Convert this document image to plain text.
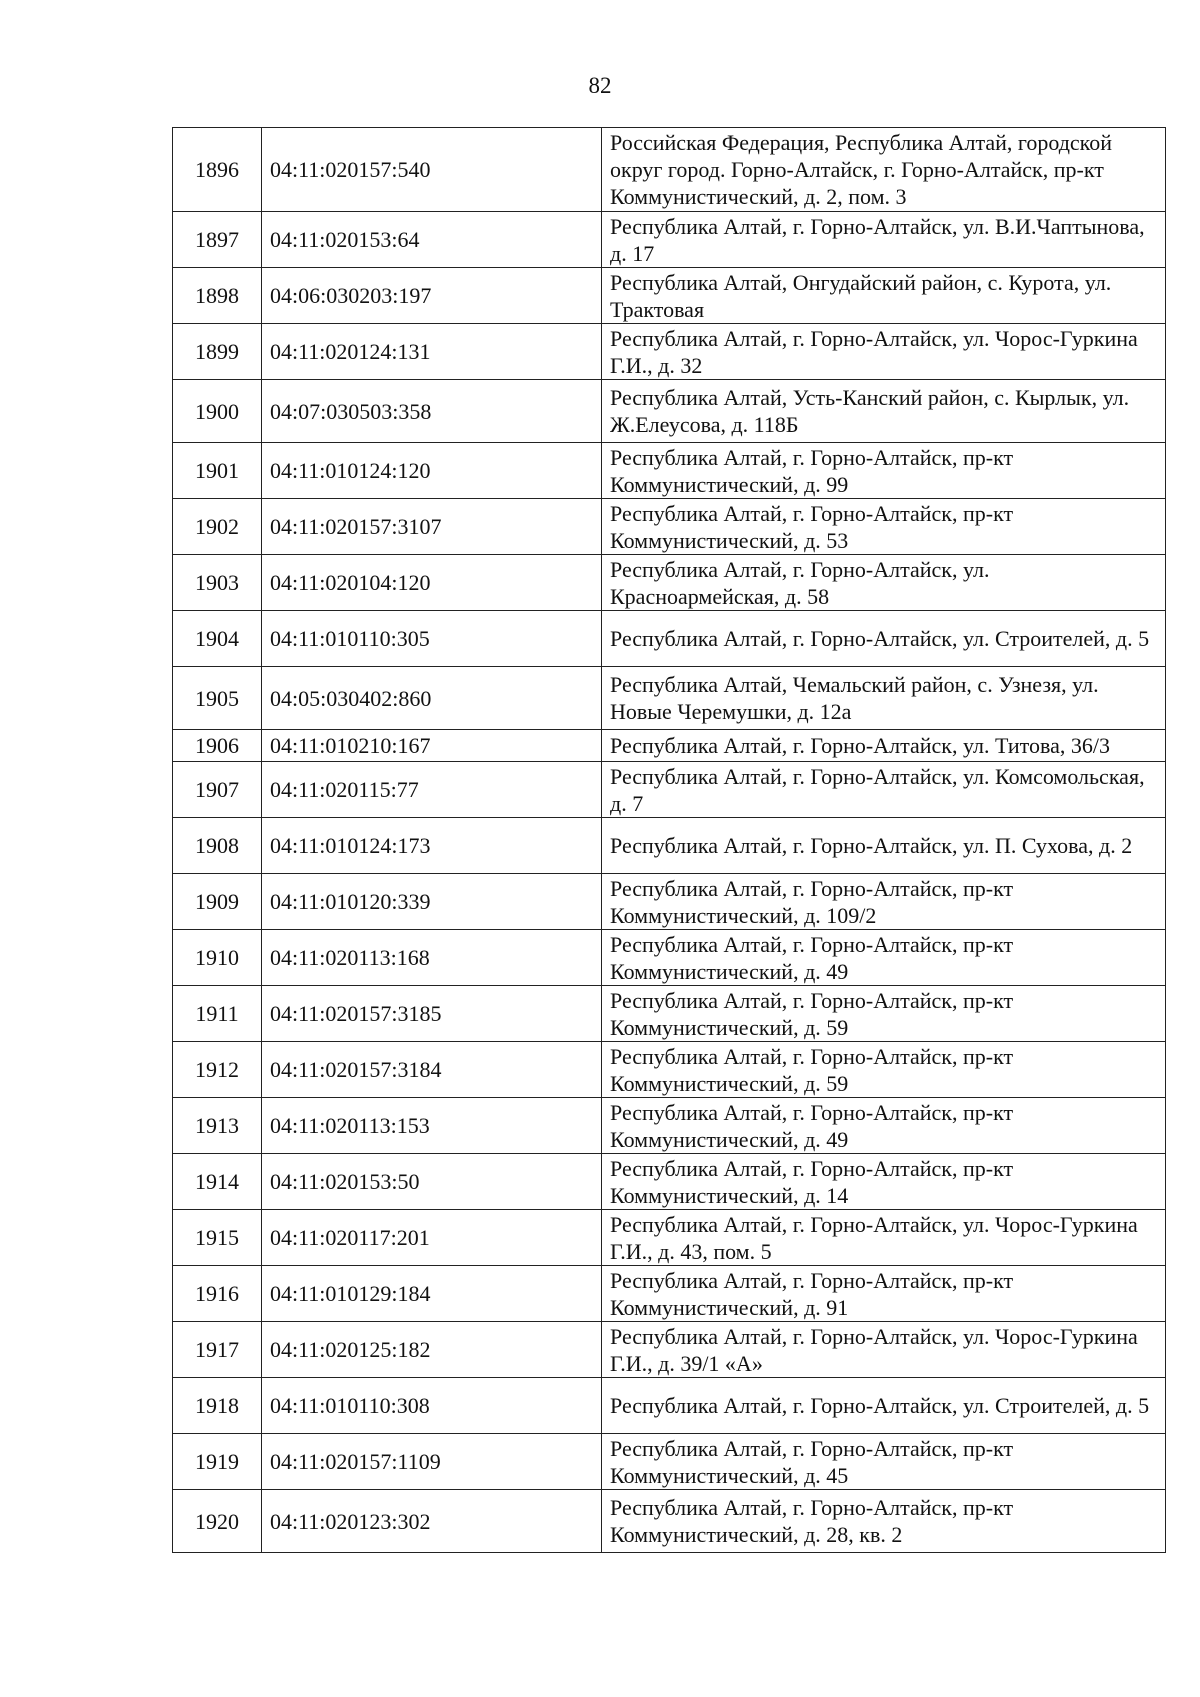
82
1896	04:11:020157:540	Российская Федерация, Республика Алтай, городской округ город. Горно-Алтайск, г. Горно-Алтайск, пр-кт Коммунистический, д. 2, пом. 3
1897	04:11:020153:64	Республика Алтай, г. Горно-Алтайск, ул. В.И.Чаптынова, д. 17
1898	04:06:030203:197	Республика Алтай, Онгудайский район, с. Курота, ул. Трактовая
1899	04:11:020124:131	Республика Алтай, г. Горно-Алтайск, ул. Чорос-Гуркина Г.И., д. 32
1900	04:07:030503:358	Республика Алтай, Усть-Канский район, с. Кырлык, ул. Ж.Елеусова, д. 118Б
1901	04:11:010124:120	Республика Алтай, г. Горно-Алтайск, пр-кт Коммунистический, д. 99
1902	04:11:020157:3107	Республика Алтай, г. Горно-Алтайск, пр-кт Коммунистический, д. 53
1903	04:11:020104:120	Республика Алтай, г. Горно-Алтайск, ул. Красноармейская, д. 58
1904	04:11:010110:305	Республика Алтай, г. Горно-Алтайск, ул. Строителей, д. 5
1905	04:05:030402:860	Республика Алтай, Чемальский район, с. Узнезя, ул. Новые Черемушки, д. 12а
1906	04:11:010210:167	Республика Алтай, г. Горно-Алтайск, ул. Титова, 36/3
1907	04:11:020115:77	Республика Алтай, г. Горно-Алтайск, ул. Комсомольская, д. 7
1908	04:11:010124:173	Республика Алтай, г. Горно-Алтайск, ул. П. Сухова, д. 2
1909	04:11:010120:339	Республика Алтай, г. Горно-Алтайск, пр-кт Коммунистический, д. 109/2
1910	04:11:020113:168	Республика Алтай, г. Горно-Алтайск, пр-кт Коммунистический, д. 49
1911	04:11:020157:3185	Республика Алтай, г. Горно-Алтайск, пр-кт Коммунистический, д. 59
1912	04:11:020157:3184	Республика Алтай, г. Горно-Алтайск, пр-кт Коммунистический, д. 59
1913	04:11:020113:153	Республика Алтай, г. Горно-Алтайск, пр-кт Коммунистический, д. 49
1914	04:11:020153:50	Республика Алтай, г. Горно-Алтайск, пр-кт Коммунистический, д. 14
1915	04:11:020117:201	Республика Алтай, г. Горно-Алтайск, ул. Чорос-Гуркина Г.И., д. 43, пом. 5
1916	04:11:010129:184	Республика Алтай, г. Горно-Алтайск, пр-кт Коммунистический, д. 91
1917	04:11:020125:182	Республика Алтай, г. Горно-Алтайск, ул. Чорос-Гуркина Г.И., д. 39/1 «А»
1918	04:11:010110:308	Республика Алтай, г. Горно-Алтайск, ул. Строителей, д. 5
1919	04:11:020157:1109	Республика Алтай, г. Горно-Алтайск, пр-кт Коммунистический, д. 45
1920	04:11:020123:302	Республика Алтай, г. Горно-Алтайск, пр-кт Коммунистический, д. 28, кв. 2
